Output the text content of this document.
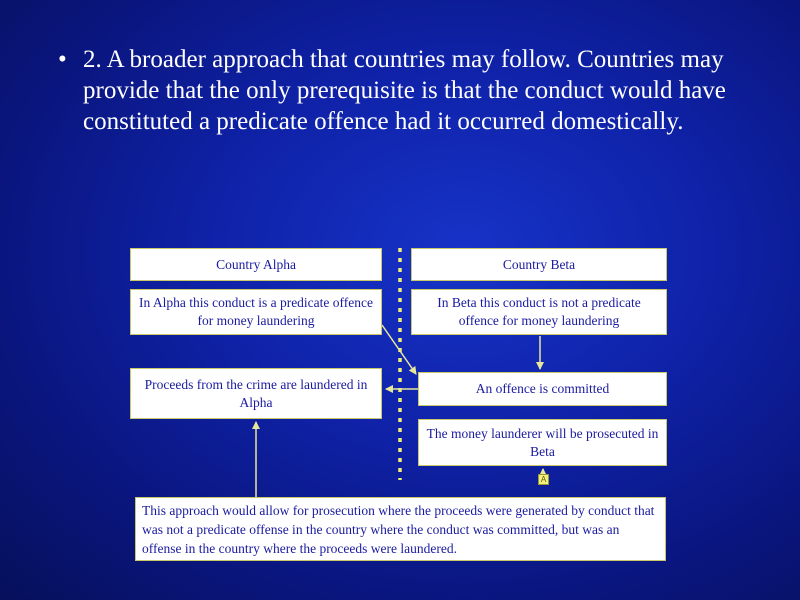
• 2. A broader approach that countries may follow. Countries may provide that the only prerequisite is that the conduct would have constituted a predicate offence had it occurred domestically.
Country Alpha	Country Beta
In Alpha this conduct is a predicate offence for money laundering
In Beta this conduct is not a predicate offence for money laundering
Proceeds from the crime are laundered in Alpha
An offence is committed
The money launderer will be prosecuted in Beta
A
This approach would allow for prosecution where the proceeds were generated by conduct that was not a predicate offense in the country where the conduct was committed, but was an offense in the country where the proceeds were laundered.
